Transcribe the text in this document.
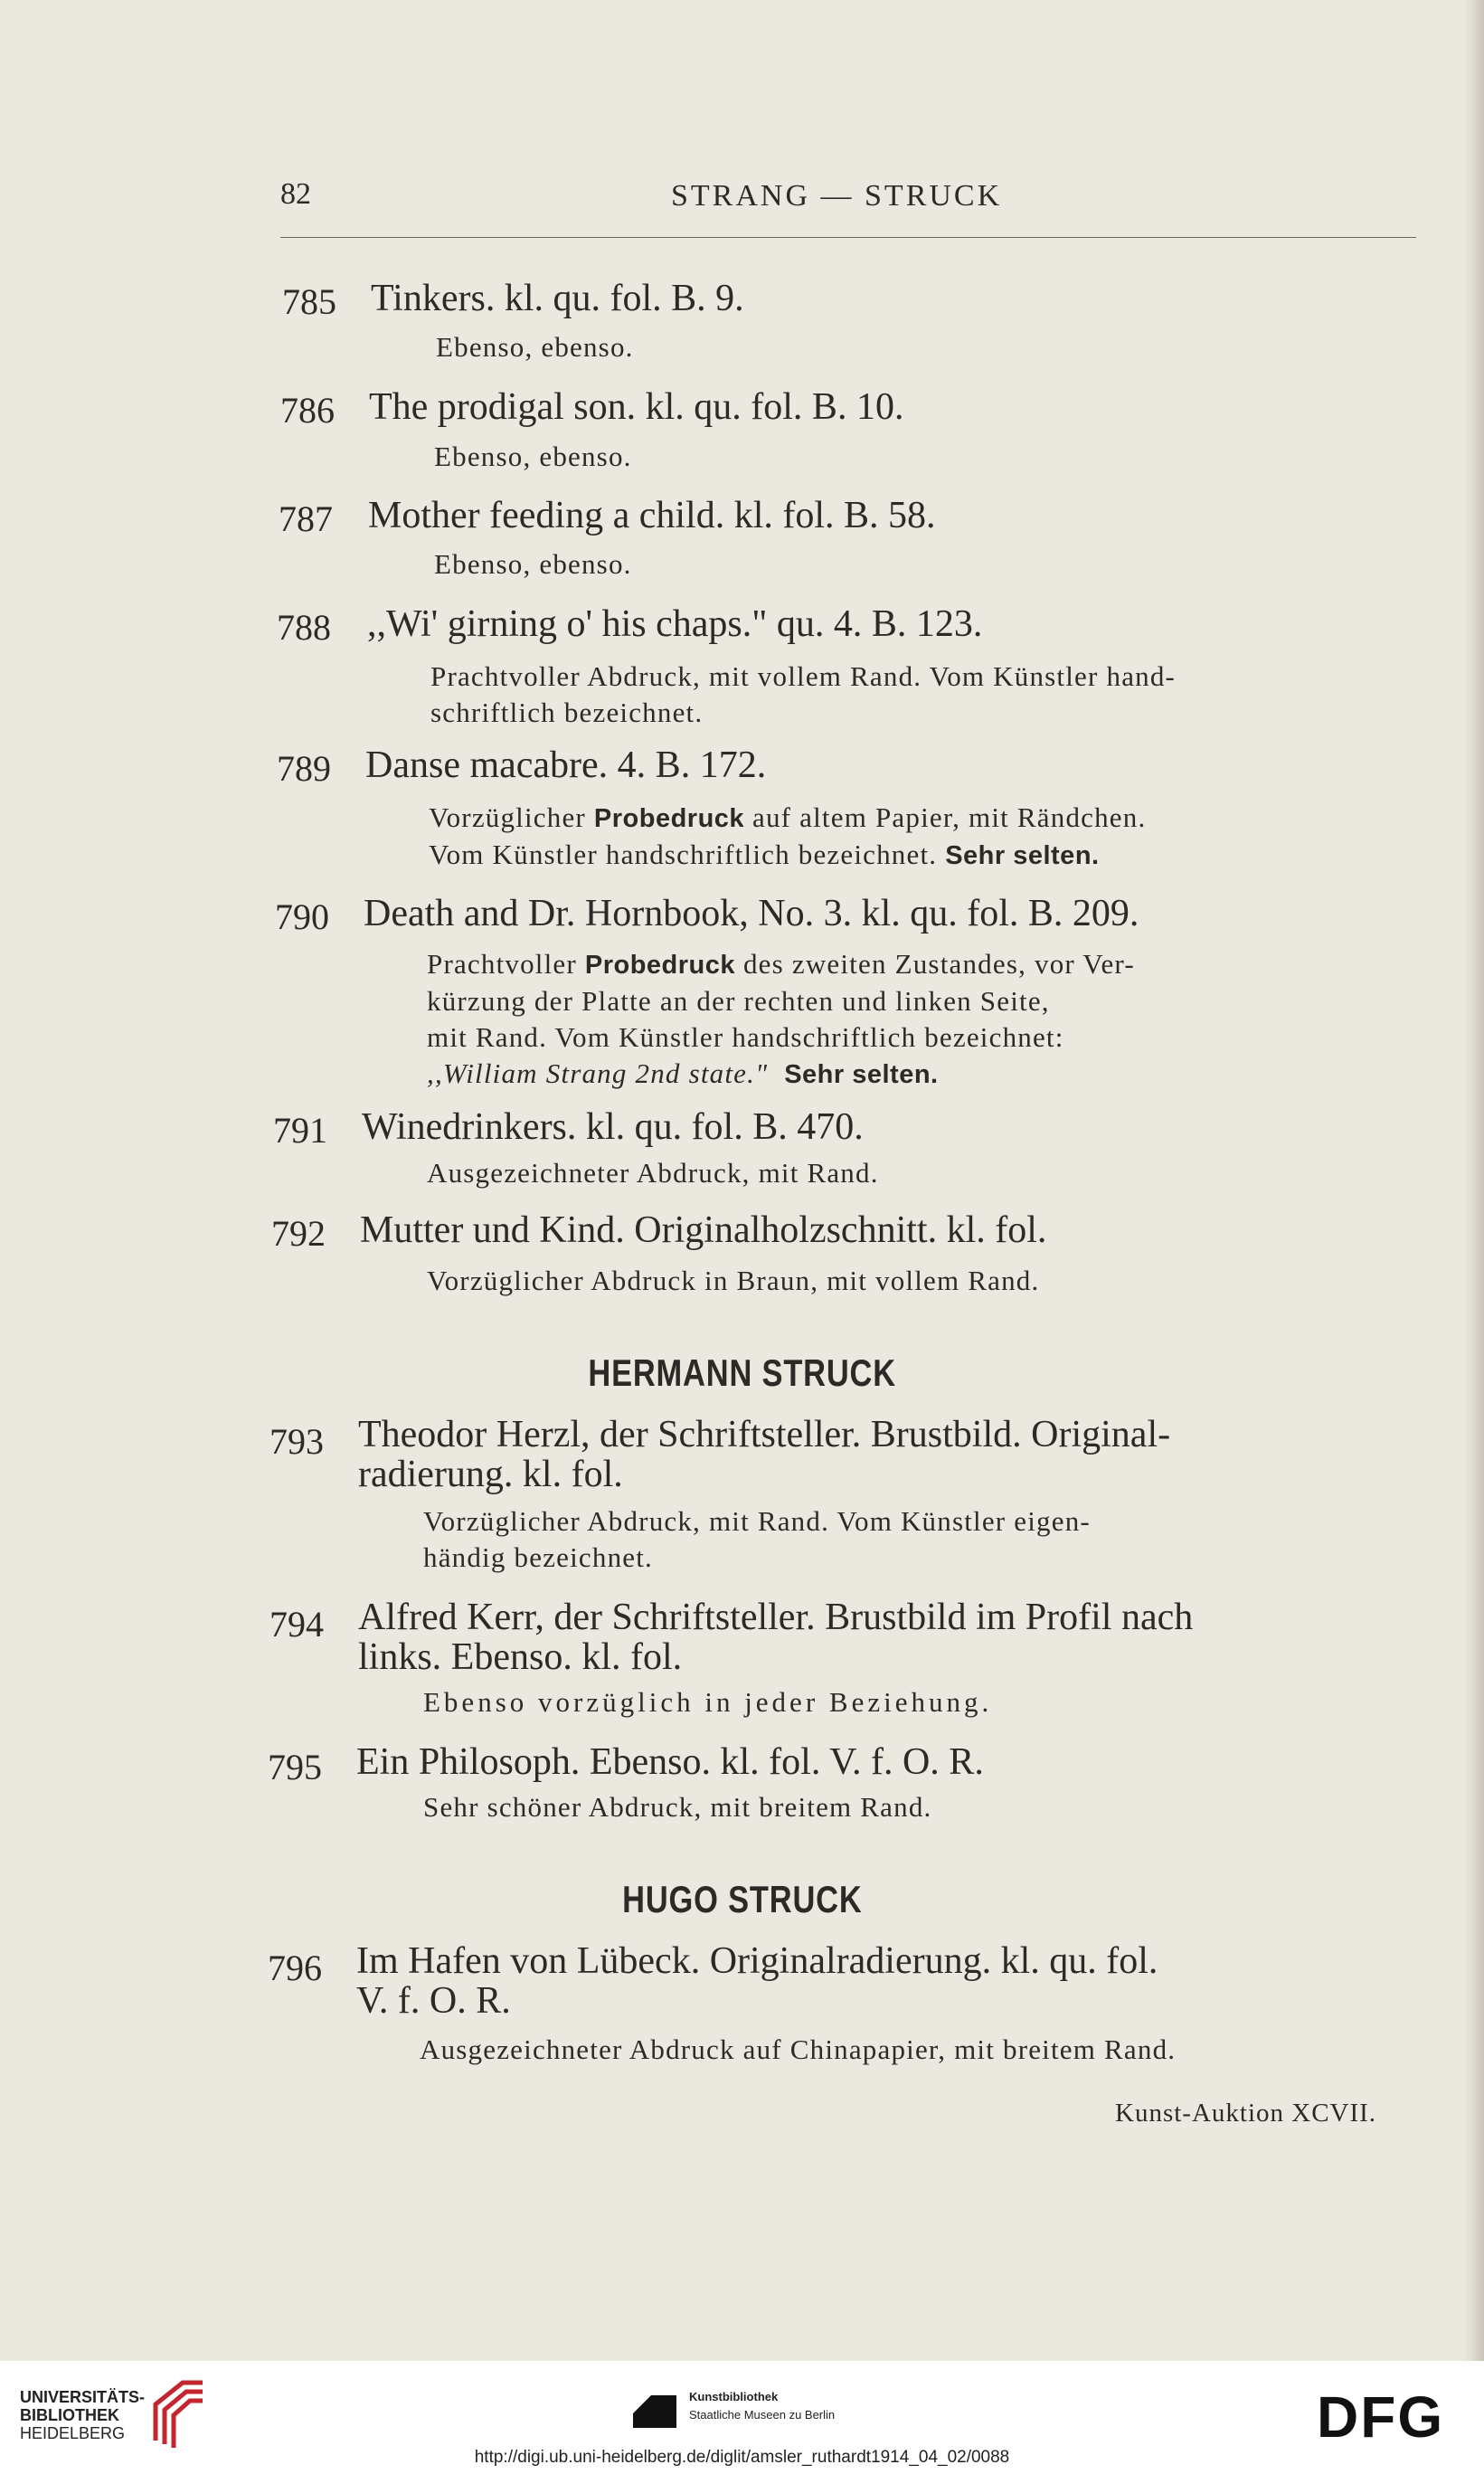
82	STRANG — STRUCK
785 Tinkers. kl. qu. fol. B. 9.
Ebenso, ebenso.
786 The prodigal son. kl. qu. fol. B. 10.
Ebenso, ebenso.
787 Mother feeding a child. kl. fol. B. 58.
Ebenso, ebenso.
788 ,,Wi' girning o' his chaps." qu. 4. B. 123.
Prachtvoller Abdruck, mit vollem Rand. Vom Künstler hand-
schriftlich bezeichnet.
789 Danse macabre. 4. B. 172.
Vorzüglicher Probedruck auf altem Papier, mit Rändchen.
Vom Künstler handschriftlich bezeichnet. Sehr selten.
790 Death and Dr. Hornbook, No. 3. kl. qu. fol. B. 209.
Prachtvoller Probedruck des zweiten Zustandes, vor Ver-
kürzung der Platte an der rechten und linken Seite,
mit Rand. Vom Künstler handschriftlich bezeichnet:
,,William Strang 2nd state." Sehr selten.
791 Winedrinkers. kl. qu. fol. B. 470.
Ausgezeichneter Abdruck, mit Rand.
792 Mutter und Kind. Originalholzschnitt. kl. fol.
Vorzüglicher Abdruck in Braun, mit vollem Rand.
HERMANN STRUCK
793 Theodor Herzl, der Schriftsteller. Brustbild. Original-
radierung. kl. fol.
Vorzüglicher Abdruck, mit Rand. Vom Künstler eigen-
händig bezeichnet.
794 Alfred Kerr, der Schriftsteller. Brustbild im Profil nach
links. Ebenso. kl. fol.
Ebenso vorzüglich in jeder Beziehung.
795 Ein Philosoph. Ebenso. kl. fol. V. f. O. R.
Sehr schöner Abdruck, mit breitem Rand.
HUGO STRUCK
796 Im Hafen von Lübeck. Originalradierung. kl. qu. fol.
V. f. O. R.
Ausgezeichneter Abdruck auf Chinapapier, mit breitem Rand.
Kunst-Auktion XCVII.
UNIVERSITÄTS-
BIBLIOTHEK
HEIDELBERG
Kunstbibliothek
Staatliche Museen zu Berlin	DFG
http://digi.ub.uni-heidelberg.de/diglit/amsler_ruthardt1914_04_02/0088
